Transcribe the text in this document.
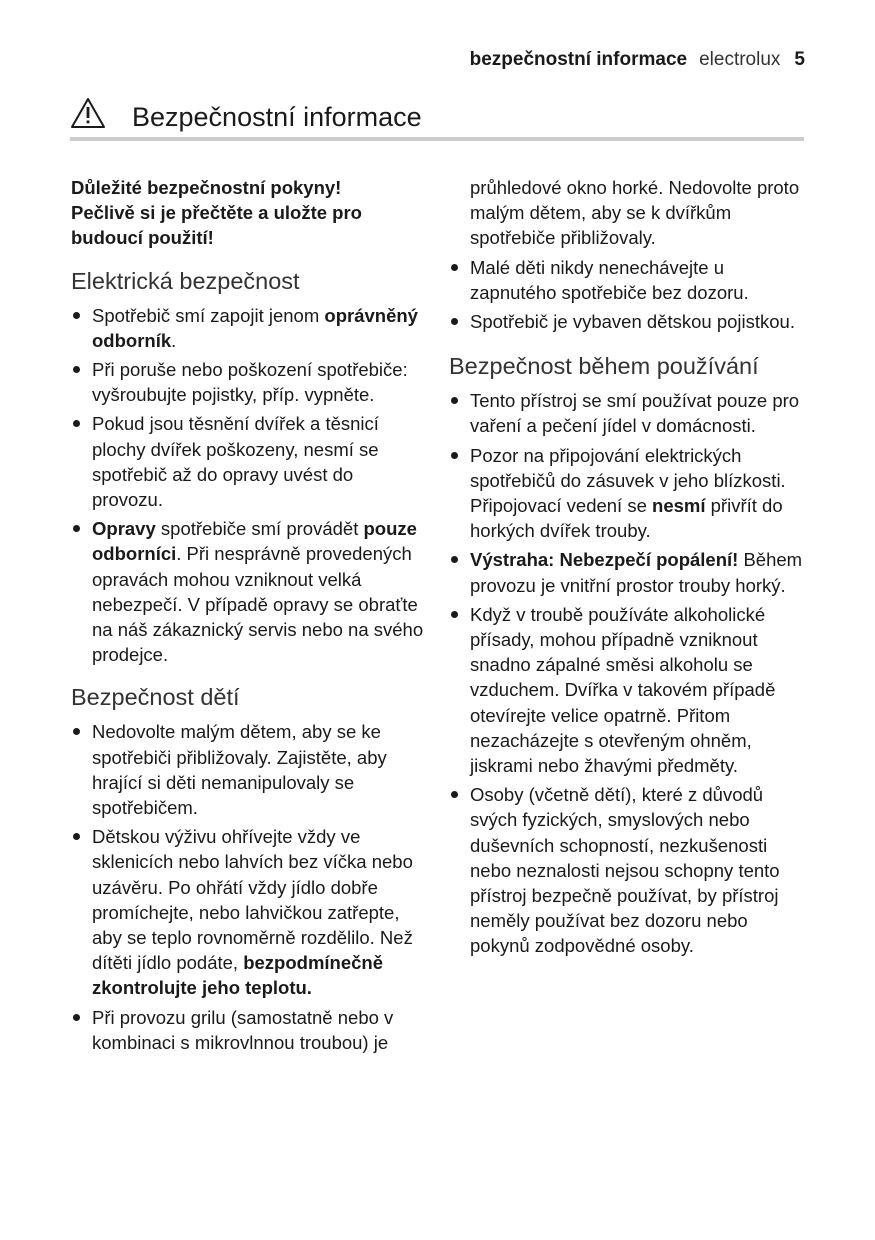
bezpečnostní informace electrolux 5
Bezpečnostní informace

Důležité bezpečnostní pokyny!
Pečlivě si je přečtěte a uložte pro
budoucí použití!

Elektrická bezpečnost
Spotřebič smí zapojit jenom oprávněný odborník.
Při poruše nebo poškození spotřebiče: vyšroubujte pojistky, příp. vypněte.
Pokud jsou těsnění dvířek a těsnicí plochy dvířek poškozeny, nesmí se spotřebič až do opravy uvést do provozu.
Opravy spotřebiče smí provádět pouze odborníci. Při nesprávně provedených opravách mohou vzniknout velká nebezpečí. V případě opravy se obraťte na náš zákaznický servis nebo na svého prodejce.
Bezpečnost dětí
Nedovolte malým dětem, aby se ke spotřebiči přibližovaly. Zajistěte, aby hrající si děti nemanipulovaly se spotřebičem.
Dětskou výživu ohřívejte vždy ve sklenicích nebo lahvích bez víčka nebo uzávěru. Po ohřátí vždy jídlo dobře promíchejte, nebo lahvičkou zatřepte, aby se teplo rovnoměrně rozdělilo. Než dítěti jídlo podáte, bezpodmínečně zkontrolujte jeho teplotu.
Při provozu grilu (samostatně nebo v kombinaci s mikrovlnnou troubou) je
průhledové okno horké. Nedovolte proto malým dětem, aby se k dvířkům spotřebiče přibližovaly.
Malé děti nikdy nenechávejte u zapnutého spotřebiče bez dozoru.
Spotřebič je vybaven dětskou pojistkou.
Bezpečnost během používání
Tento přístroj se smí používat pouze pro vaření a pečení jídel v domácnosti.
Pozor na připojování elektrických spotřebičů do zásuvek v jeho blízkosti. Připojovací vedení se nesmí přivřít do horkých dvířek trouby.
Výstraha: Nebezpečí popálení! Během provozu je vnitřní prostor trouby horký.
Když v troubě používáte alkoholické přísady, mohou případně vzniknout snadno zápalné směsi alkoholu se vzduchem. Dvířka v takovém případě otevírejte velice opatrně. Přitom nezacházejte s otevřeným ohněm, jiskrami nebo žhavými předměty.
Osoby (včetně dětí), které z důvodů svých fyzických, smyslových nebo duševních schopností, nezkušenosti nebo neznalosti nejsou schopny tento přístroj bezpečně používat, by přístroj neměly používat bez dozoru nebo pokynů zodpovědné osoby.
